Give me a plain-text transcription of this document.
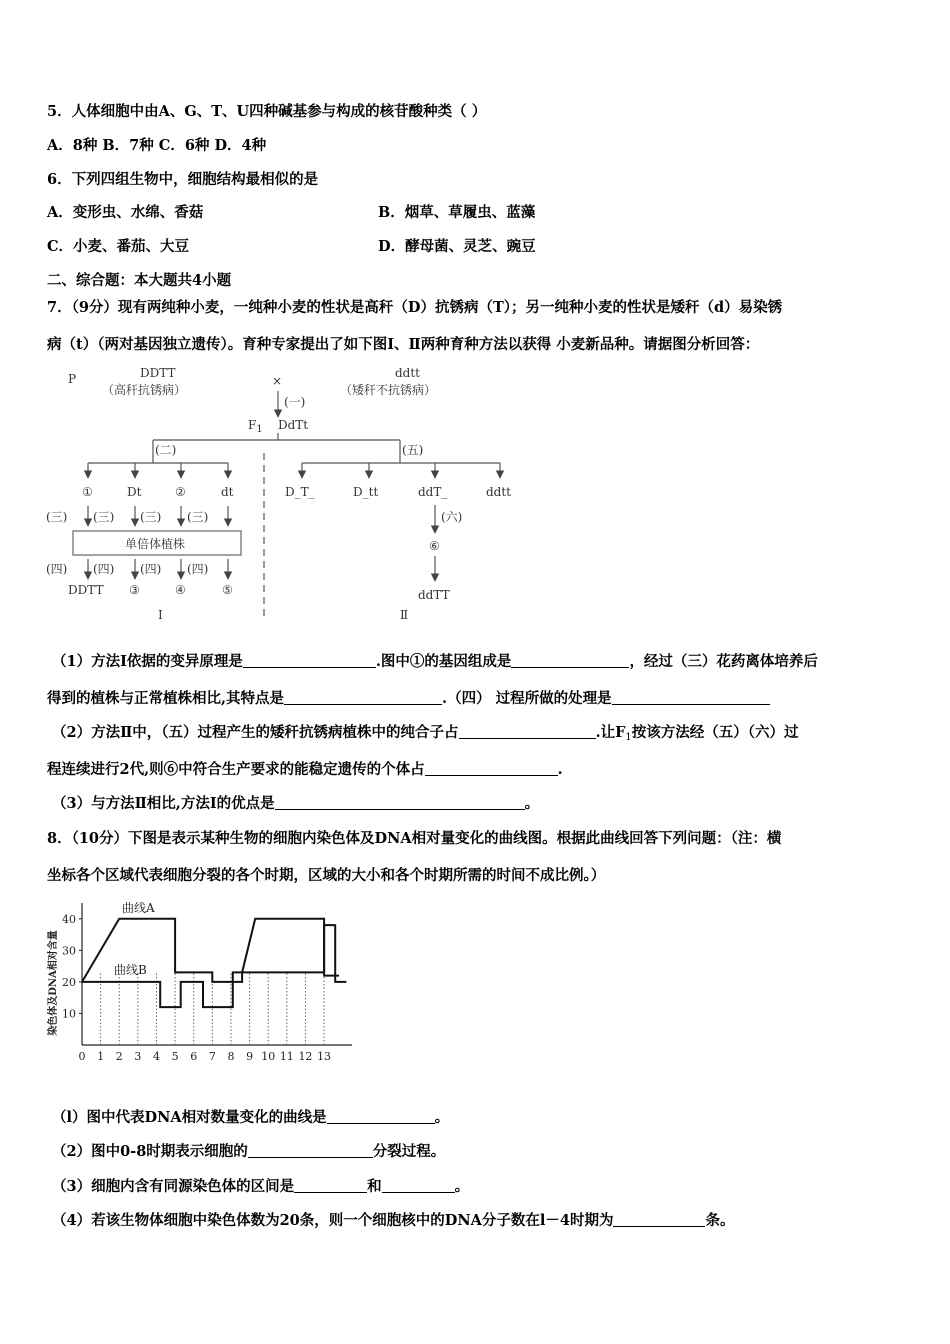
5．人体细胞中由A、G、T、U四种碱基参与构成的核苷酸种类（ ）
A．8种 B．7种 C．6种 D．4种
6．下列四组生物中，细胞结构最相似的是
A．变形虫、水绵、香菇	B．烟草、草履虫、蓝藻
C．小麦、番茄、大豆	D．酵母菌、灵芝、豌豆
二、综合题：本大题共4小题
7．（9分）现有两纯种小麦，一纯种小麦的性状是高秆（D）抗锈病（T）；另一纯种小麦的性状是矮秆（d）易染锈
病（t）（两对基因独立遗传）。育种专家提出了如下图Ⅰ、Ⅱ两种育种方法以获得 小麦新品种。请据图分析回答：
P	DDTT
（高秆抗锈病）
×
ddtt
（矮秆不抗锈病）
(一)
$F_1$ DdTt
(二)	(五)
①	Dt	②	dt
(三) (三) (三) (三)
单倍体植株
(四) (四) (四) (四)
DDTT ③	④	⑤
Ⅰ
D_T_	D_tt	ddT_	ddtt
(六)
⑥
ddTT
Ⅱ
（1）方法Ⅰ依据的变异原理是	.图中①的基因组成是	，经过（三）花药离体培养后
得到的植株与正常植株相比,其特点是	.（四） 过程所做的处理是
（2）方法Ⅱ中，（五）过程产生的矮秆抗锈病植株中的纯合子占	.让$F_1$按该方法经（五）（六）过
程连续进行2代,则⑥中符合生产要求的能稳定遗传的个体占	.
（3）与方法Ⅱ相比,方法Ⅰ的优点是	。
8．（10分）下图是表示某种生物的细胞内染色体及DNA相对量变化的曲线图。根据此曲线回答下列问题：（注：横
坐标各个区域代表细胞分裂的各个时期，区域的大小和各个时期所需的时间不成比例。）
染色体及DNA相对含量
曲线A
曲线B
10
20
30
40
0 1 2 3 4 5 6 7 8 9 10 11 12 13
（l）图中代表DNA相对数量变化的曲线是	。
（2）图中0-8时期表示细胞的	分裂过程。
（3）细胞内含有同源染色体的区间是	和	。
（4）若该生物体细胞中染色体数为20条，则一个细胞核中的DNA分子数在l－4时期为	条。
